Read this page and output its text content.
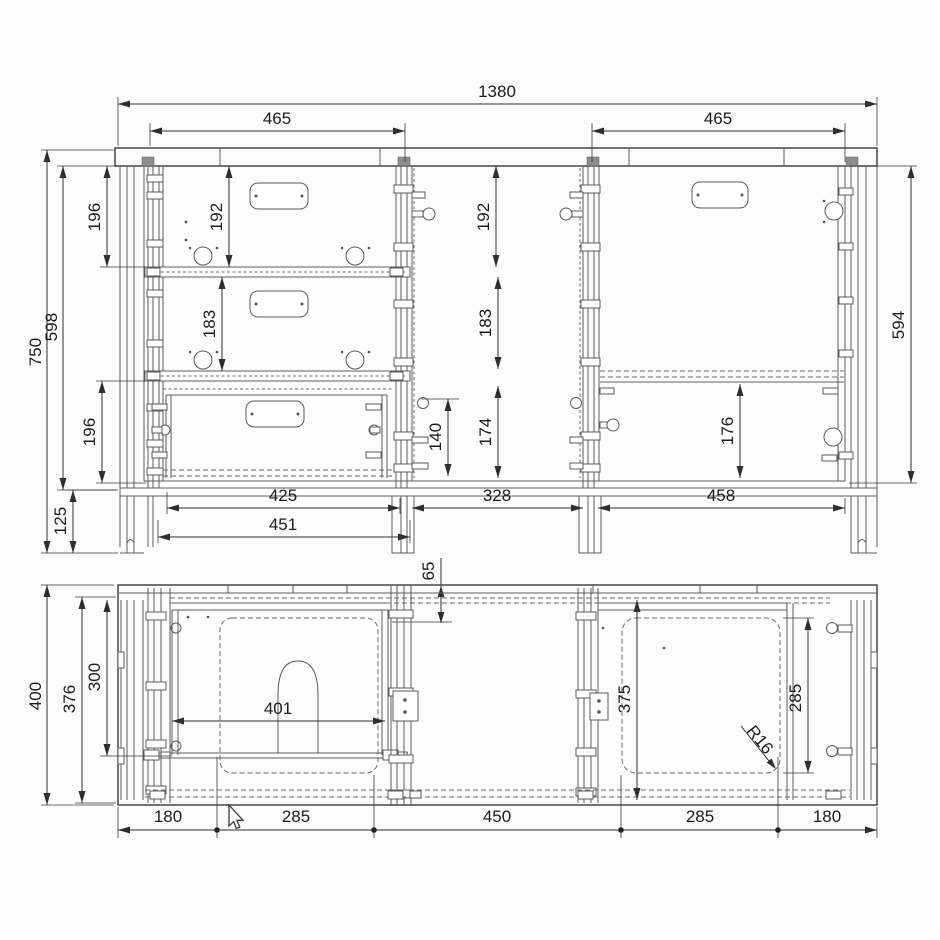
1380
465	465
750
598
196
196
125
192
183
192
183
174
140
594
176
425
451
328	458
65
400 376
300
401	375	285
R16
180	285	450	285	180
